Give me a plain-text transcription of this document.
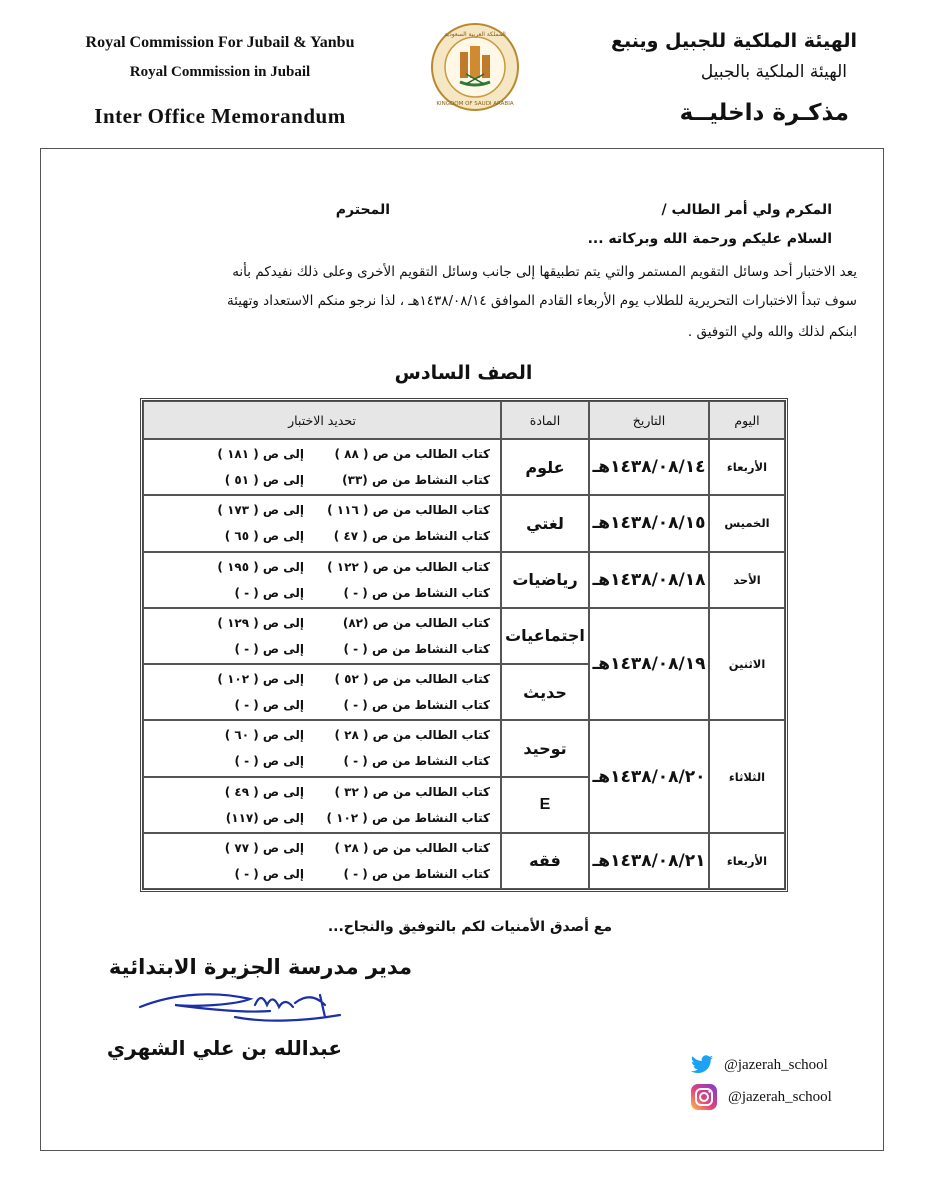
Royal Commission For Jubail & Yanbu
Royal Commission in Jubail
Inter Office Memorandum
المملكة العربية السعودية
KINGDOM OF SAUDI ARABIA
الهيئة الملكية للجبيل وينبع
الهيئة الملكية بالجبيل
مذكـرة داخليــة
المكرم ولي أمر الطالب /
المحترم
السلام عليكم ورحمة الله وبركاته ...
يعد الاختبار أحد وسائل التقويم المستمر والتي يتم تطبيقها إلى جانب وسائل التقويم الأخرى وعلى ذلك نفيدكم بأنه
سوف تبدأ الاختبارات التحريرية للطلاب يوم الأربعاء القادم الموافق ١٤٣٨/٠٨/١٤هـ ، لذا نرجو منكم الاستعداد وتهيئة
ابنكم لذلك والله ولي التوفيق .
الصف السادس
اليوم	التاريخ	المادة	تحديد الاختبار
الأربعاء	١٤٣٨/٠٨/١٤هـ	علوم	كتاب الطالب من ص ( ٨٨ )
إلى ص ( ١٨١ )
كتاب النشاط من ص (٣٣)
إلى ص ( ٥١ )

الخميس	١٤٣٨/٠٨/١٥هـ	لغتي	كتاب الطالب من ص ( ١١٦ )
إلى ص ( ١٧٣ )
كتاب النشاط من ص ( ٤٧ )
إلى ص ( ٦٥ )

الأحد	١٤٣٨/٠٨/١٨هـ	رياضيات	كتاب الطالب من ص ( ١٢٢ )
إلى ص ( ١٩٥ )
كتاب النشاط من ص ( - )
إلى ص ( - )

الاثنين	١٤٣٨/٠٨/١٩هـ	اجتماعيات	كتاب الطالب من ص (٨٢)
إلى ص ( ١٢٩ )
كتاب النشاط من ص ( - )
إلى ص ( - )

		حديث	كتاب الطالب من ص ( ٥٢ )
إلى ص ( ١٠٢ )
كتاب النشاط من ص ( - )
إلى ص ( - )

الثلاثاء	١٤٣٨/٠٨/٢٠هـ	توحيد	كتاب الطالب من ص ( ٢٨ )
إلى ص ( ٦٠ )
كتاب النشاط من ص ( - )
إلى ص ( - )

		E	كتاب الطالب من ص ( ٣٢ )
إلى ص ( ٤٩ )
كتاب النشاط من ص ( ١٠٢ )
إلى ص (١١٧)

الأربعاء	١٤٣٨/٠٨/٢١هـ	فقه	كتاب الطالب من ص ( ٢٨ )
إلى ص ( ٧٧ )
كتاب النشاط من ص ( - )
إلى ص ( - )
مع أصدق الأمنيات لكم بالتوفيق والنجاح...
مدير مدرسة الجزيرة الابتدائية
عبدالله بن علي الشهري
@jazerah_school
@jazerah_school
